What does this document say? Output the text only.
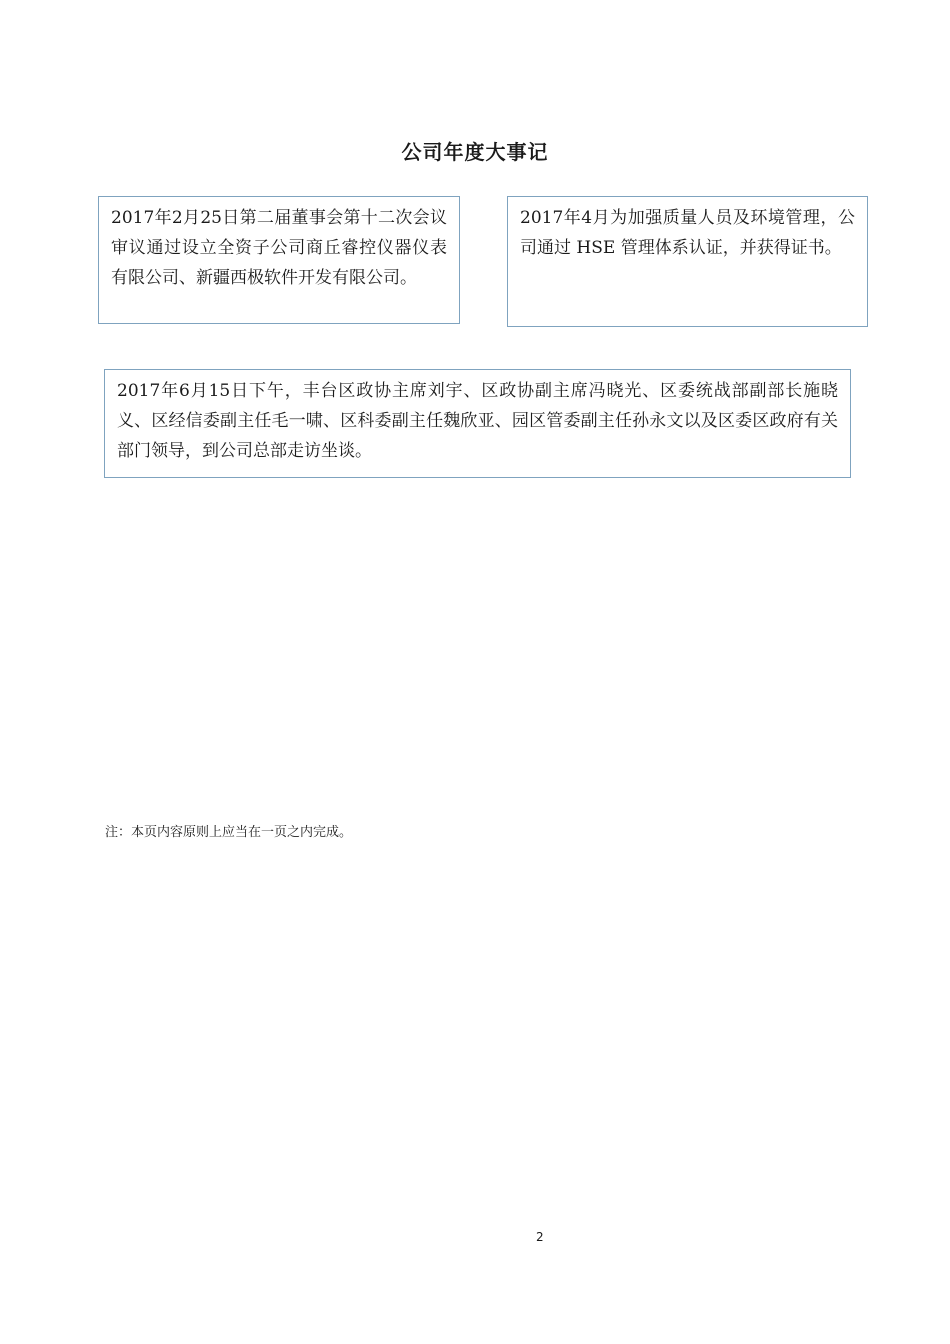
公司年度大事记
2017年2月25日第二届董事会第十二次会议审议通过设立全资子公司商丘睿控仪器仪表有限公司、新疆西极软件开发有限公司。
2017年4月为加强质量人员及环境管理，公司通过 HSE 管理体系认证，并获得证书。
2017年6月15日下午，丰台区政协主席刘宇、区政协副主席冯晓光、区委统战部副部长施晓义、区经信委副主任毛一啸、区科委副主任魏欣亚、园区管委副主任孙永文以及区委区政府有关部门领导，到公司总部走访坐谈。
注：本页内容原则上应当在一页之内完成。
2
